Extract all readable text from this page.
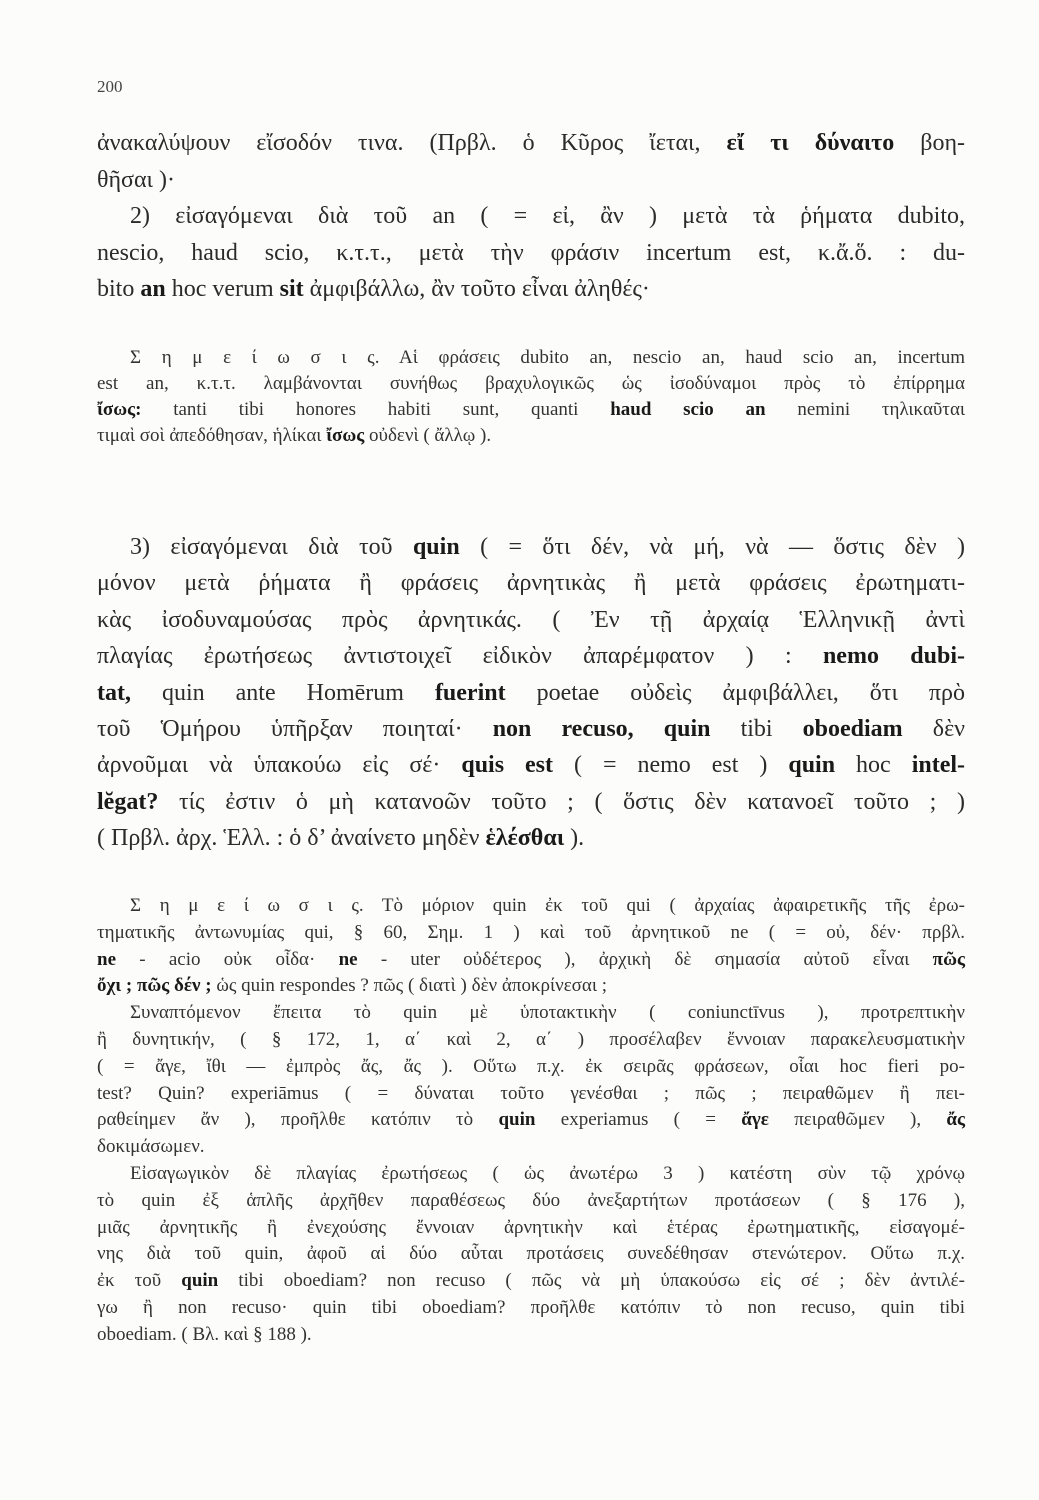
200
ἀνακαλύψουν εἴσοδόν τινα. (Πρβλ. ὁ Κῦρος ἴεται, εἴ τι δύναιτο βοη-
θῆσαι )·
2) εἰσαγόμεναι διὰ τοῦ an ( = εἰ, ἂν ) μετὰ τὰ ῥήματα dubito,
nescio, haud scio, κ.τ.τ., μετὰ τὴν φράσιν incertum est, κ.ἄ.ὅ. : du-
bito an hoc verum sit ἀμφιβάλλω, ἂν τοῦτο εἶναι ἀληθές·
Σ η μ ε ί ω σ ι ς. Αἱ φράσεις dubito an, nescio an, haud scio an, incertum
est an, κ.τ.τ. λαμβάνονται συνήθως βραχυλογικῶς ὡς ἰσοδύναμοι πρὸς τὸ ἐπίρρημα
ἴσως: tanti tibi honores habiti sunt, quanti haud scio an nemini τηλικαῦται
τιμαὶ σοὶ ἀπεδόθησαν, ἡλίκαι ἴσως οὐδενὶ ( ἄλλῳ ).
3) εἰσαγόμεναι διὰ τοῦ quin ( = ὅτι δέν, νὰ μή, νὰ — ὅστις δὲν )
μόνον μετὰ ῥήματα ἢ φράσεις ἀρνητικὰς ἢ μετὰ φράσεις ἐρωτηματι-
κὰς ἰσοδυναμούσας πρὸς ἀρνητικάς. ( Ἐν τῇ ἀρχαίᾳ Ἑλληνικῇ ἀντὶ
πλαγίας ἐρωτήσεως ἀντιστοιχεῖ εἰδικὸν ἀπαρέμφατον ) : nemo dubi-
tat, quin ante Homērum fuerint poetae οὐδεὶς ἀμφιβάλλει, ὅτι πρὸ
τοῦ Ὁμήρου ὑπῆρξαν ποιηταί· non recuso, quin tibi oboediam δὲν
ἀρνοῦμαι νὰ ὑπακούω εἰς σέ· quis est ( = nemo est ) quin hoc intel-
lĕgat? τίς ἐστιν ὁ μὴ κατανοῶν τοῦτο ; ( ὅστις δὲν κατανοεῖ τοῦτο ; )
( Πρβλ. ἀρχ. Ἑλλ. : ὁ δ’ ἀναίνετο μηδὲν ἑλέσθαι ).
Σ η μ ε ί ω σ ι ς. Τὸ μόριον quin ἐκ τοῦ qui ( ἀρχαίας ἀφαιρετικῆς τῆς ἐρω-
τηματικῆς ἀντωνυμίας qui, § 60, Σημ. 1 ) καὶ τοῦ ἀρνητικοῦ ne ( = οὐ, δέν· πρβλ.
ne - acio οὐκ οἶδα· ne - uter οὐδέτερος ), ἀρχικὴ δὲ σημασία αὐτοῦ εἶναι πῶς
ὄχι ; πῶς δέν ; ὡς quin respondes ? πῶς ( διατὶ ) δὲν ἀποκρίνεσαι ;
Συναπτόμενον ἔπειτα τὸ quin μὲ ὑποτακτικὴν ( coniunctīvus ), προτρεπτικὴν
ἢ δυνητικήν, ( § 172, 1, α΄ καὶ 2, α΄ ) προσέλαβεν ἔννοιαν παρακελευσματικὴν
( = ἄγε, ἴθι — ἐμπρὸς ἄς, ἄς ). Οὕτω π.χ. ἐκ σειρᾶς φράσεων, οἷαι hoc fieri po-
test? Quin? experiāmus ( = δύναται τοῦτο γενέσθαι ; πῶς ; πειραθῶμεν ἢ πει-
ραθείημεν ἄν ), προῆλθε κατόπιν τὸ quin experiamus ( = ἄγε πειραθῶμεν ), ἄς
δοκιμάσωμεν.
Εἰσαγωγικὸν δὲ πλαγίας ἐρωτήσεως ( ὡς ἀνωτέρω 3 ) κατέστη σὺν τῷ χρόνῳ
τὸ quin ἐξ ἁπλῆς ἀρχῆθεν παραθέσεως δύο ἀνεξαρτήτων προτάσεων ( § 176 ),
μιᾶς ἀρνητικῆς ἢ ἐνεχούσης ἔννοιαν ἀρνητικὴν καὶ ἑτέρας ἐρωτηματικῆς, εἰσαγομέ-
νης διὰ τοῦ quin, ἀφοῦ αἱ δύο αὗται προτάσεις συνεδέθησαν στενώτερον. Οὕτω π.χ.
ἐκ τοῦ quin tibi oboediam? non recuso ( πῶς νὰ μὴ ὑπακούσω εἰς σέ ; δὲν ἀντιλέ-
γω ἢ non recuso· quin tibi oboediam? προῆλθε κατόπιν τὸ non recuso, quin tibi
oboediam. ( Βλ. καὶ § 188 ).
